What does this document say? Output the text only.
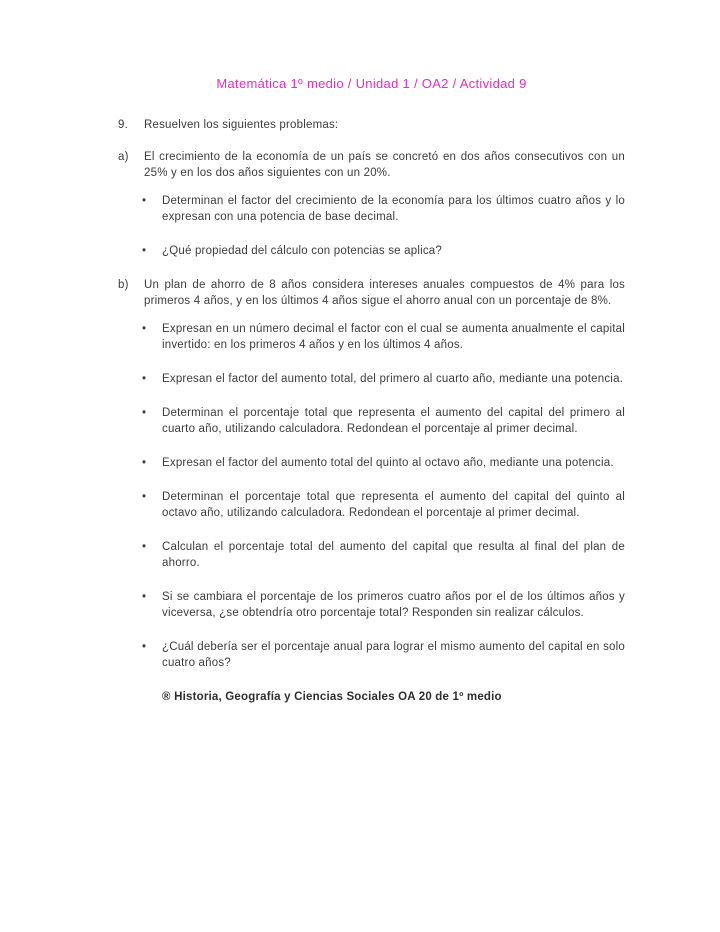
Matemática 1º medio / Unidad 1 / OA2 / Actividad 9
9.	Resuelven los siguientes problemas:
a)	El crecimiento de la economía de un país se concretó en dos años consecutivos con un 25% y en los dos años siguientes con un 20%.
• Determinan el factor del crecimiento de la economía para los últimos cuatro años y lo expresan con una potencia de base decimal.
• ¿Qué propiedad del cálculo con potencias se aplica?
b)	Un plan de ahorro de 8 años considera intereses anuales compuestos de 4% para los primeros 4 años, y en los últimos 4 años sigue el ahorro anual con un porcentaje de 8%.
• Expresan en un número decimal el factor con el cual se aumenta anualmente el capital invertido: en los primeros 4 años y en los últimos 4 años.
• Expresan el factor del aumento total, del primero al cuarto año, mediante una potencia.
• Determinan el porcentaje total que representa el aumento del capital del primero al cuarto año, utilizando calculadora. Redondean el porcentaje al primer decimal.
• Expresan el factor del aumento total del quinto al octavo año, mediante una potencia.
• Determinan el porcentaje total que representa el aumento del capital del quinto al octavo año, utilizando calculadora. Redondean el porcentaje al primer decimal.
• Calculan el porcentaje total del aumento del capital que resulta al final del plan de ahorro.
• Si se cambiara el porcentaje de los primeros cuatro años por el de los últimos años y viceversa, ¿se obtendría otro porcentaje total? Responden sin realizar cálculos.
• ¿Cuál debería ser el porcentaje anual para lograr el mismo aumento del capital en solo cuatro años?

® Historia, Geografía y Ciencias Sociales OA 20 de 1º medio
